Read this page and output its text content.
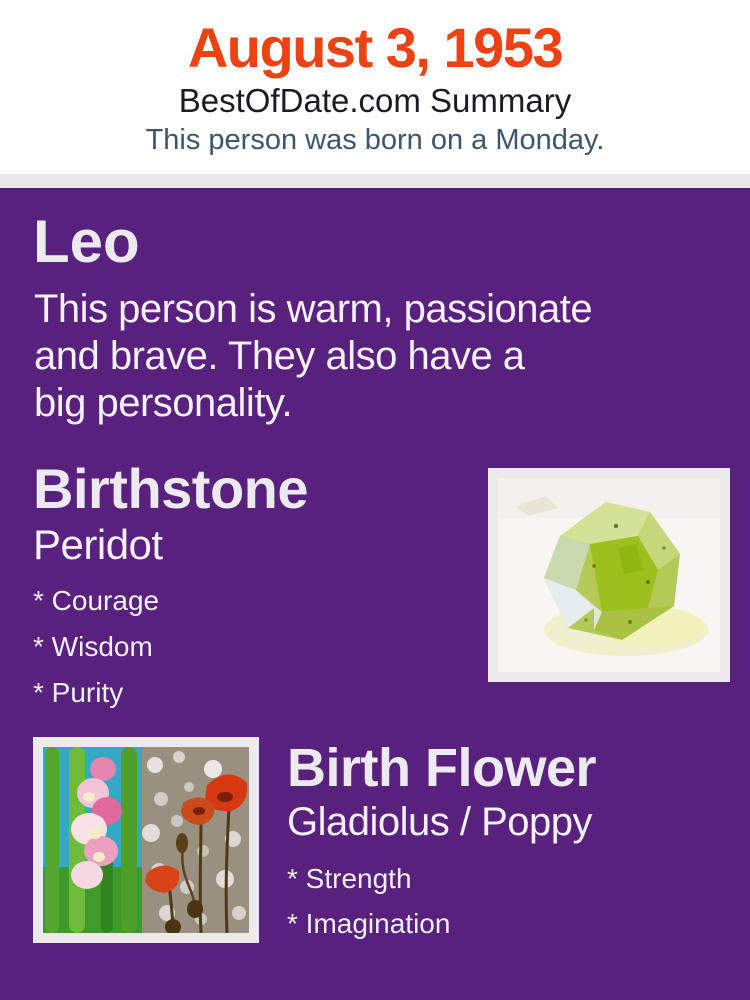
August 3, 1953
BestOfDate.com Summary
This person was born on a Monday.
Leo
This person is warm, passionate
and brave. They also have a
big personality.
Birthstone
Peridot
* Courage
* Wisdom
* Purity
Birth Flower
Gladiolus / Poppy
* Strength
* Imagination
